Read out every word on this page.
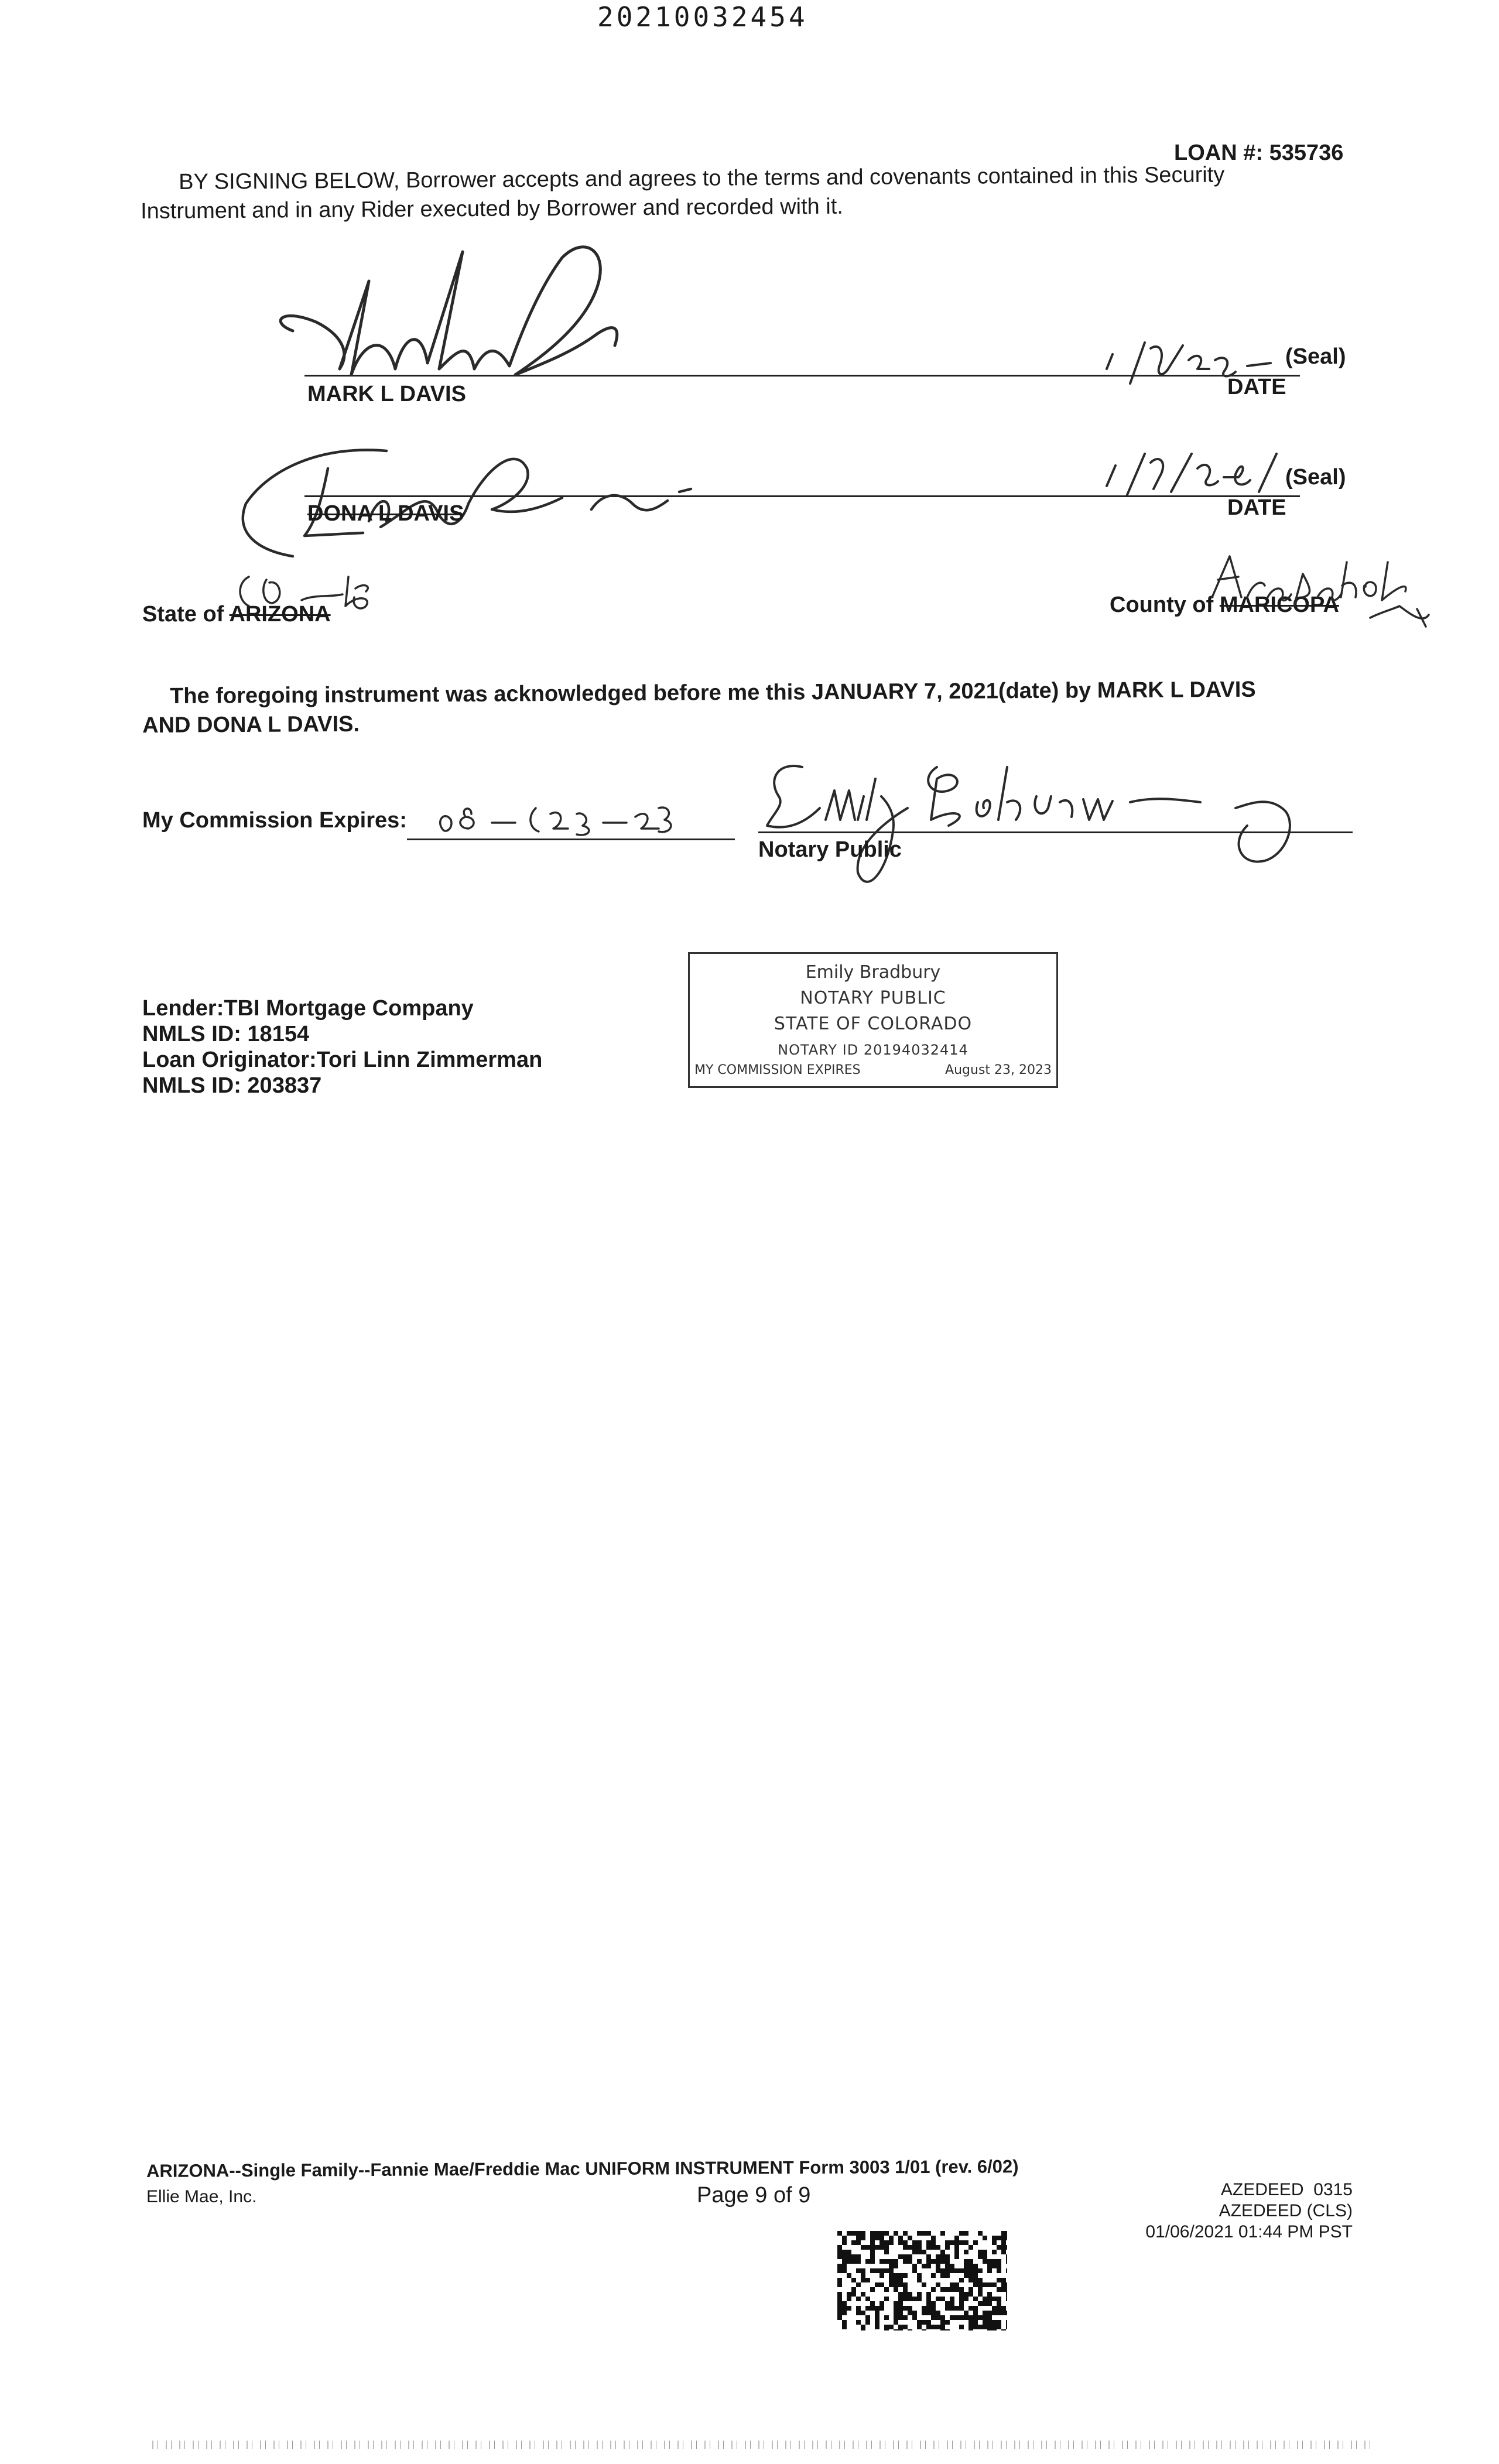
20210032454
LOAN #: 535736
BY SIGNING BELOW, Borrower accepts and agrees to the terms and covenants contained in this Security
Instrument and in any Rider executed by Borrower and recorded with it.
(Seal)
MARK L DAVIS	DATE
(Seal)
DONA L DAVIS	DATE
State of ARIZONA	County of MARICOPA
The foregoing instrument was acknowledged before me this JANUARY 7, 2021(date) by MARK L DAVIS
AND DONA L DAVIS.
My Commission Expires:
Notary Public
Emily Bradbury
NOTARY PUBLIC
STATE OF COLORADO
NOTARY ID 20194032414
MY COMMISSION EXPIRES	August 23, 2023
Lender:TBI Mortgage Company
NMLS ID: 18154
Loan Originator:Tori Linn Zimmerman
NMLS ID: 203837
ARIZONA--Single Family--Fannie Mae/Freddie Mac UNIFORM INSTRUMENT Form 3003 1/01 (rev. 6/02)
Ellie Mae, Inc.	Page 9 of 9	AZEDEED  0315
AZEDEED (CLS)
01/06/2021 01:44 PM PST
